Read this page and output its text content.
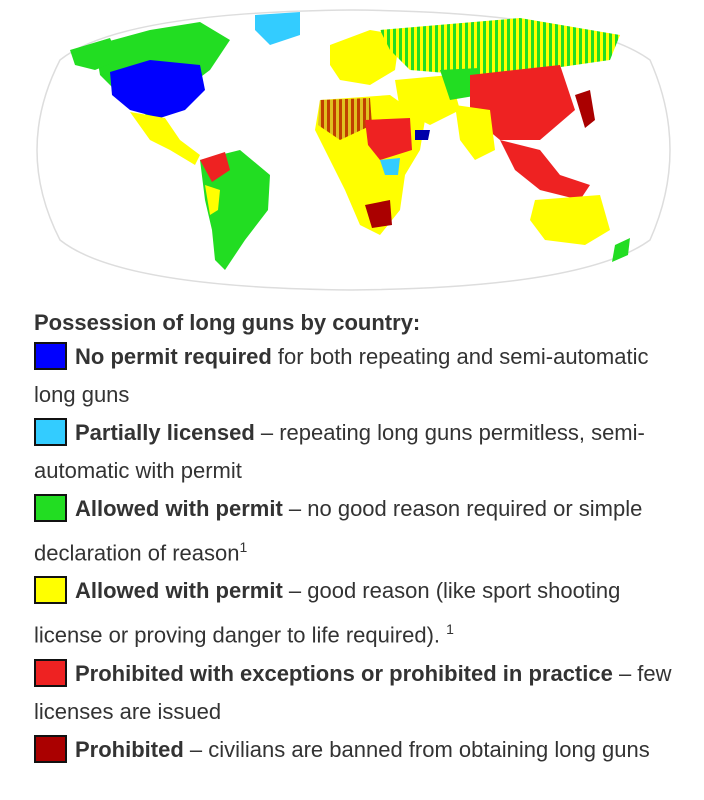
Possession of long guns by country:
No permit required for both repeating and semi-automatic long guns
Partially licensed – repeating long guns permitless, semi-automatic with permit
Allowed with permit – no good reason required or simple declaration of reason$^1$
Allowed with permit – good reason (like sport shooting license or proving danger to life required). $^1$
Prohibited with exceptions or prohibited in practice – few licenses are issued
Prohibited – civilians are banned from obtaining long guns
